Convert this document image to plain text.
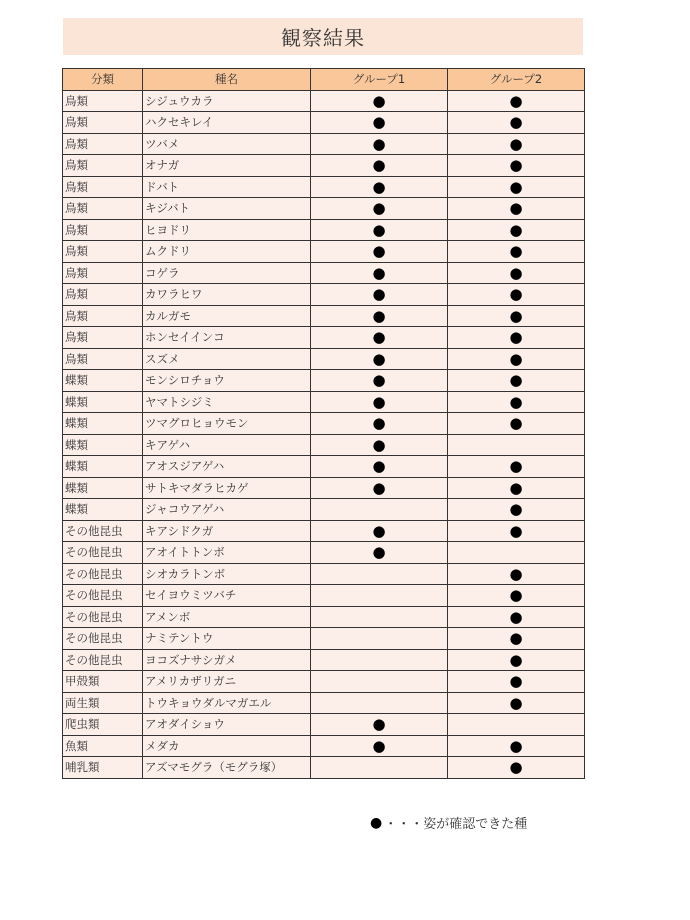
観察結果
分類	種名	グループ1	グループ2
鳥類	シジュウカラ	●	●
鳥類	ハクセキレイ	●	●
鳥類	ツバメ	●	●
鳥類	オナガ	●	●
鳥類	ドバト	●	●
鳥類	キジバト	●	●
鳥類	ヒヨドリ	●	●
鳥類	ムクドリ	●	●
鳥類	コゲラ	●	●
鳥類	カワラヒワ	●	●
鳥類	カルガモ	●	●
鳥類	ホンセイインコ	●	●
鳥類	スズメ	●	●
蝶類	モンシロチョウ	●	●
蝶類	ヤマトシジミ	●	●
蝶類	ツマグロヒョウモン	●	●
蝶類	キアゲハ	●	
蝶類	アオスジアゲハ	●	●
蝶類	サトキマダラヒカゲ	●	●
蝶類	ジャコウアゲハ		●
その他昆虫	キアシドクガ	●	●
その他昆虫	アオイトトンボ	●	
その他昆虫	シオカラトンボ		●
その他昆虫	セイヨウミツバチ		●
その他昆虫	アメンボ		●
その他昆虫	ナミテントウ		●
その他昆虫	ヨコズナサシガメ		●
甲殻類	アメリカザリガニ		●
両生類	トウキョウダルマガエル		●
爬虫類	アオダイショウ	●	
魚類	メダカ	●	●
哺乳類	アズマモグラ（モグラ塚）		●
● ・・・姿が確認できた種
